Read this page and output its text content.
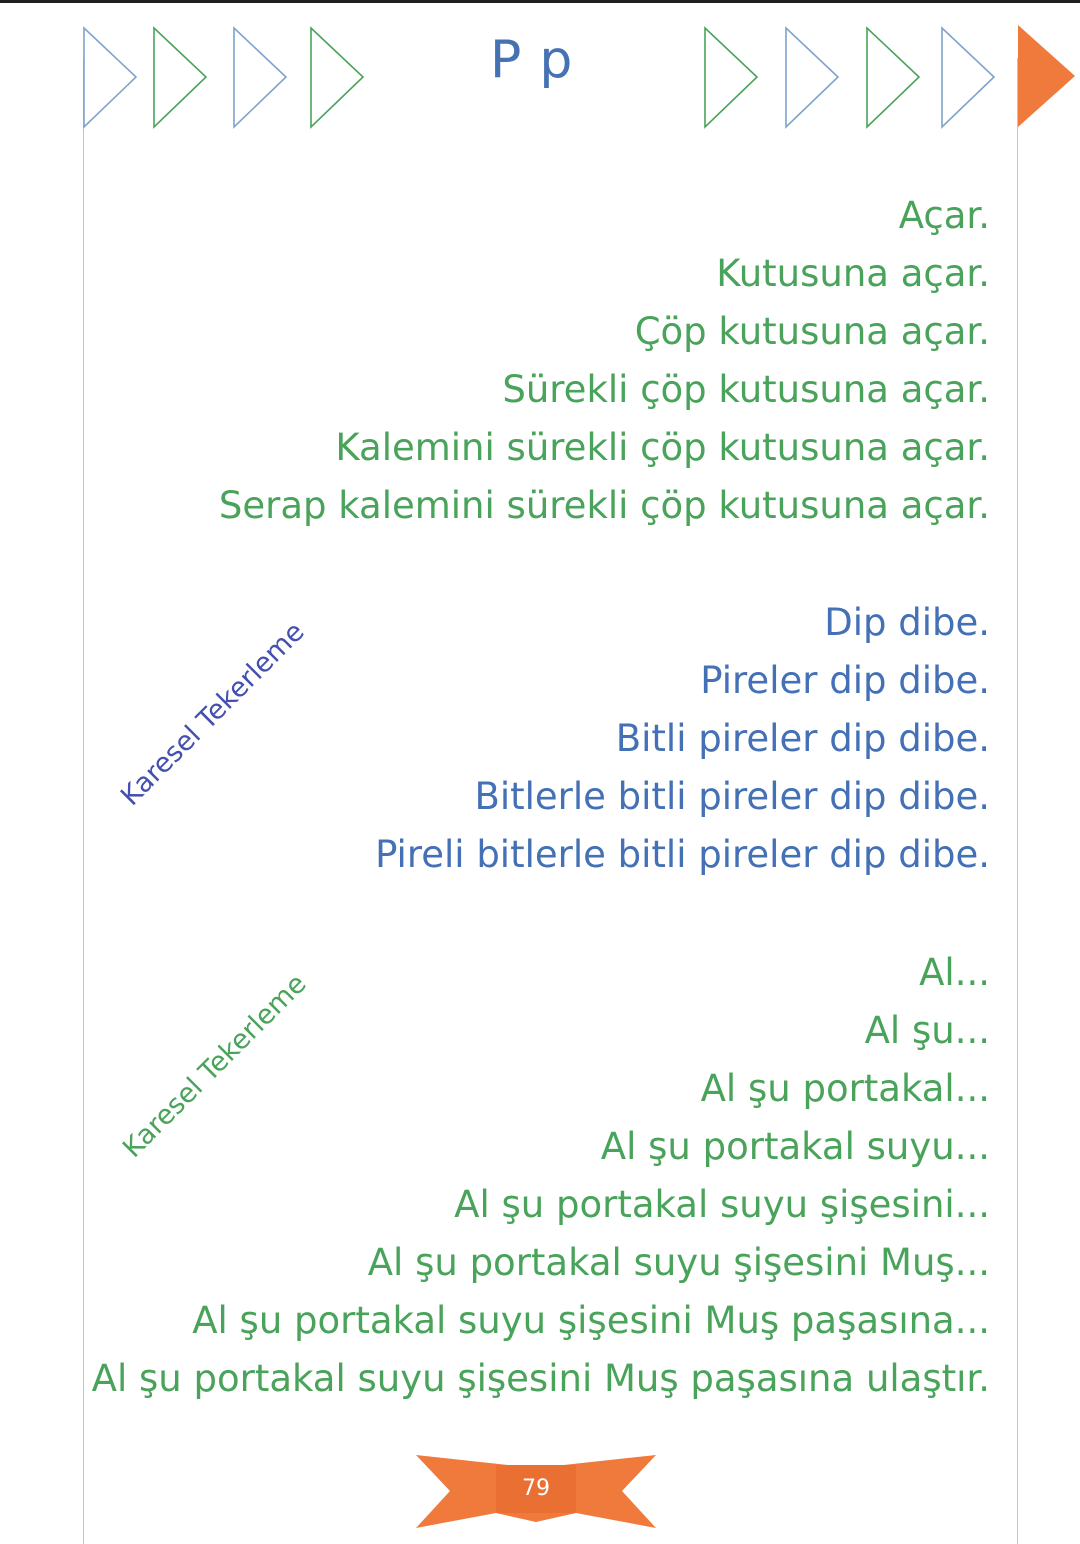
P p
Açar.
Kutusuna açar.
Çöp kutusuna açar.
Sürekli çöp kutusuna açar.
Kalemini sürekli çöp kutusuna açar.
Serap kalemini sürekli çöp kutusuna açar.
Dip dibe.
Pireler dip dibe.
Bitli pireler dip dibe.
Bitlerle bitli pireler dip dibe.
Pireli bitlerle bitli pireler dip dibe.
Al...
Al şu...
Al şu portakal...
Al şu portakal suyu...
Al şu portakal suyu şişesini...
Al şu portakal suyu şişesini Muş...
Al şu portakal suyu şişesini Muş paşasına...
Al şu portakal suyu şişesini Muş paşasına ulaştır.
Karesel Tekerleme
Karesel Tekerleme
79
